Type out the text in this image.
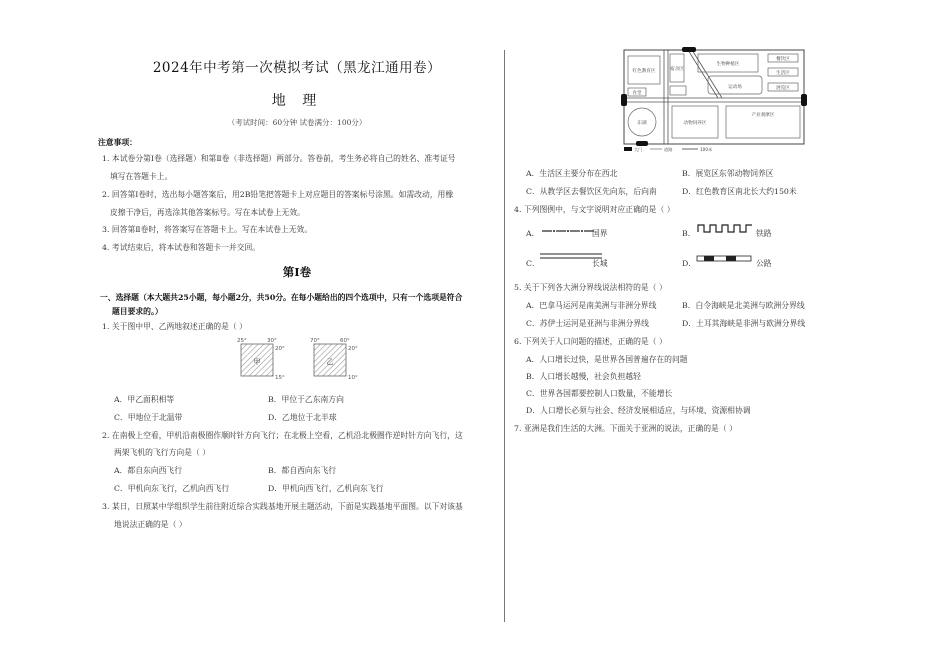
2024年中考第一次模拟考试（黑龙江通用卷）
地 理
（考试时间：60分钟 试卷满分：100分）
注意事项：
1. 本试卷分第Ⅰ卷（选择题）和第Ⅱ卷（非选择题）两部分。答卷前，考生务必将自己的姓名、准考证号
填写在答题卡上。
2. 回答第Ⅰ卷时，选出每小题答案后，用2B铅笔把答题卡上对应题目的答案标号涂黑。如需改动，用橡
皮擦干净后，再选涂其他答案标号。写在本试卷上无效。
3. 回答第Ⅱ卷时，将答案写在答题卡上。写在本试卷上无效。
4. 考试结束后，将本试卷和答题卡一并交回。
第Ⅰ卷
一、选择题（本大题共25小题，每小题2分，共50分。在每小题给出的四个选项中，只有一个选项是符合
题目要求的。）
1. 关于图中甲、乙两地叙述正确的是（ ）
甲
25°	30°
20°
15°
乙
70°	60°
20°
10°
A．甲乙面积相等	B．甲位于乙东南方向
C．甲地位于北温带	D．乙地位于北半球
2. 在南极上空看，甲机沿南极圈作顺时针方向飞行；在北极上空看，乙机沿北极圈作逆时针方向飞行，这
两架飞机的飞行方向是（ ）
A．都自东向西飞行	B．都自西向东飞行
C．甲机向东飞行，乙机向西飞行	D．甲机向西飞行，乙机向东飞行
3. 某日，日照某中学组织学生前往附近综合实践基地开展主题活动，下面是实践基地平面图。以下对该基
地说法正确的是（ ）
红色教育区
食堂
宿舍区
生物种植区
运动场
餐饮区
生活区
展览区
东湖	动物饲养区
产业观摩区
大门	道路	100米
A．生活区主要分布在西北	B．展览区东邻动物饲养区
C．从教学区去餐饮区先向东，后向南	D．红色教育区南北长大约150米
4. 下列图例中，与文字说明对应正确的是（ ）
A．	国界	B．	铁路
C．	长城	D．	公路
5. 关于下列各大洲分界线说法相符的是（ ）
A．巴拿马运河是南美洲与非洲分界线	B．白令海峡是北美洲与欧洲分界线
C．苏伊士运河是亚洲与非洲分界线	D．土耳其海峡是非洲与欧洲分界线
6. 下列关于人口问题的描述，正确的是（ ）
A．人口增长过快，是世界各国普遍存在的问题
B．人口增长越慢，社会负担越轻
C．世界各国都要控制人口数量，不能增长
D．人口增长必须与社会、经济发展相适应，与环境、资源相协调
7. 亚洲是我们生活的大洲。下面关于亚洲的说法，正确的是（ ）
